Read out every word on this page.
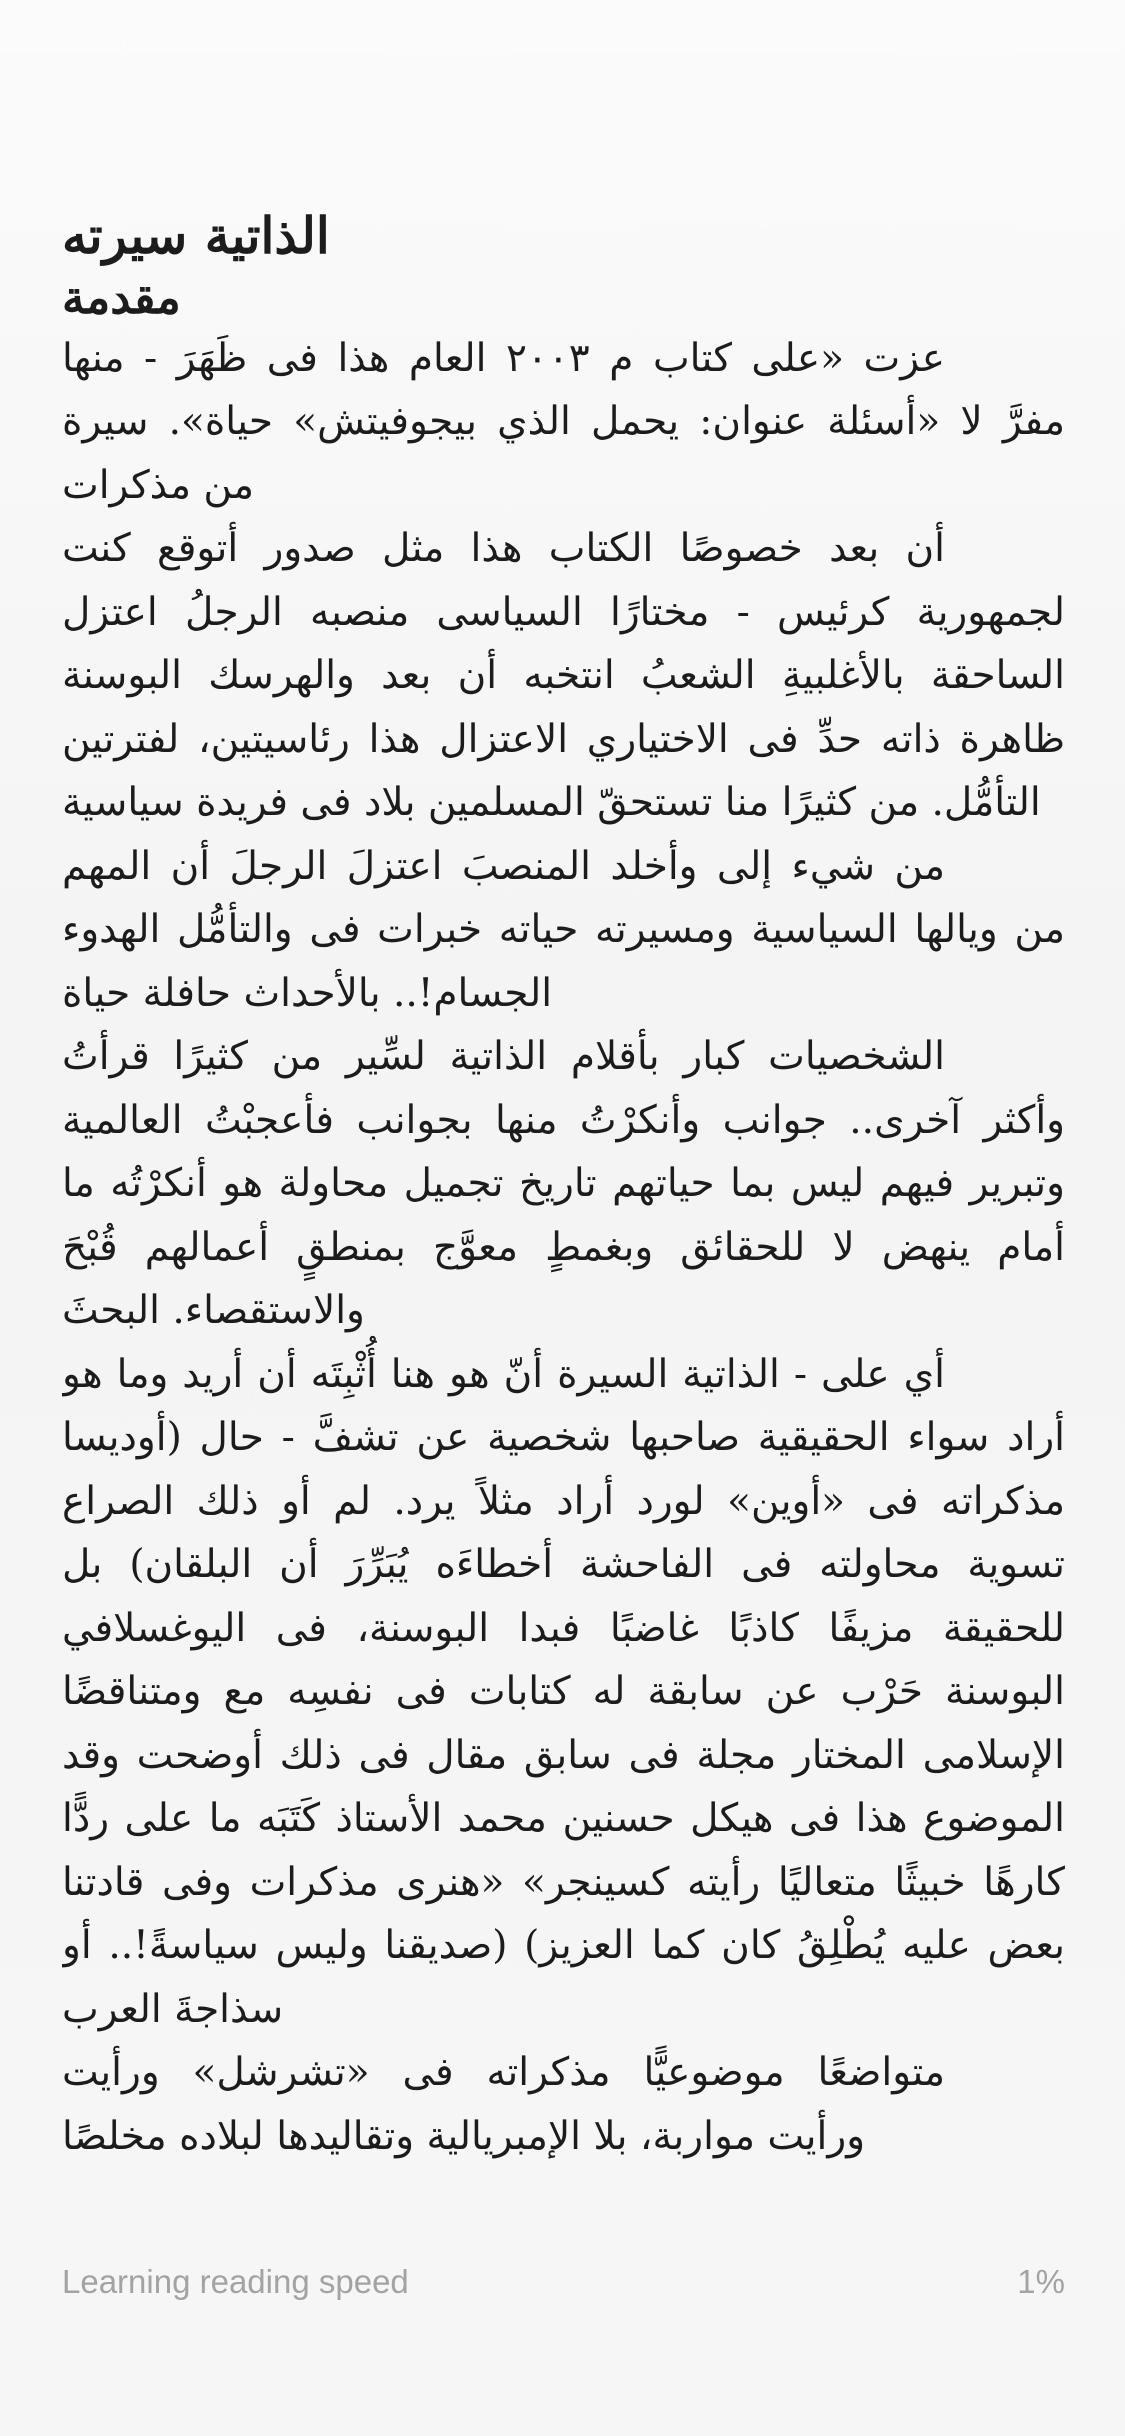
الذاتية سيرته
مقدمة

عزت «على كتاب م ٢٠٠٣ العام هذا فى ظَهَرَ - منها مفرَّ لا «أسئلة عنوان: يحمل الذي بيجوفيتش» حياة». سيرة من مذكرات

أن بعد خصوصًا الكتاب هذا مثل صدور أتوقع كنت لجمهورية كرئيس - مختارًا السياسى منصبه الرجلُ اعتزل الساحقة بالأغلبيةِ الشعبُ انتخبه أن بعد والهرسك البوسنة ظاهرة ذاته حدِّ فى الاختياري الاعتزال هذا رئاسيتين، لفترتين التأمُّل. من كثيرًا منا تستحقّ المسلمين بلاد فى فريدة سياسية

من شيء إلى وأخلد المنصبَ اعتزلَ الرجلَ أن المهم من ويالها السياسية ومسيرته حياته خبرات فى والتأمُّل الهدوء الجسام!.. بالأحداث حافلة حياة

الشخصيات كبار بأقلام الذاتية لسِّير من كثيرًا قرأتُ وأكثر آخرى.. جوانب وأنكرْتُ منها بجوانب فأعجبْتُ العالمية وتبرير فيهم ليس بما حياتهم تاريخ تجميل محاولة هو أنكرْتُه ما أمام ينهض لا للحقائق وبغمطٍ معوَّج بمنطقٍ أعمالهم قُبْحَ والاستقصاء. البحثَ

أي على - الذاتية السيرة أنّ هو هنا أُثْبِتَه أن أريد وما هو أراد سواء الحقيقية صاحبها شخصية عن تشفَّ - حال (أوديسا مذكراته فى «أوين» لورد أراد مثلاً يرد. لم أو ذلك الصراع تسوية محاولته فى الفاحشة أخطاءَه يُبَرِّرَ أن البلقان) بل للحقيقة مزيفًا كاذبًا غاضبًا فبدا البوسنة، فى اليوغسلافي البوسنة حَرْب عن سابقة له كتابات فى نفسِه مع ومتناقضًا الإسلامى المختار مجلة فى سابق مقال فى ذلك أوضحت وقد الموضوع هذا فى هيكل حسنين محمد الأستاذ كَتَبَه ما على ردًّا كارهًا خبيثًا متعاليًا رأيته كسينجر» «هنرى مذكرات وفى قادتنا بعض عليه يُطْلِقُ كان كما العزيز) (صديقنا وليس سياسةً!.. أو سذاجةَ العرب

متواضعًا موضوعيًّا مذكراته فى «تشرشل» ورأيت ورأيت مواربة، بلا الإمبريالية وتقاليدها لبلاده مخلصًا

Learning reading speed	1%
